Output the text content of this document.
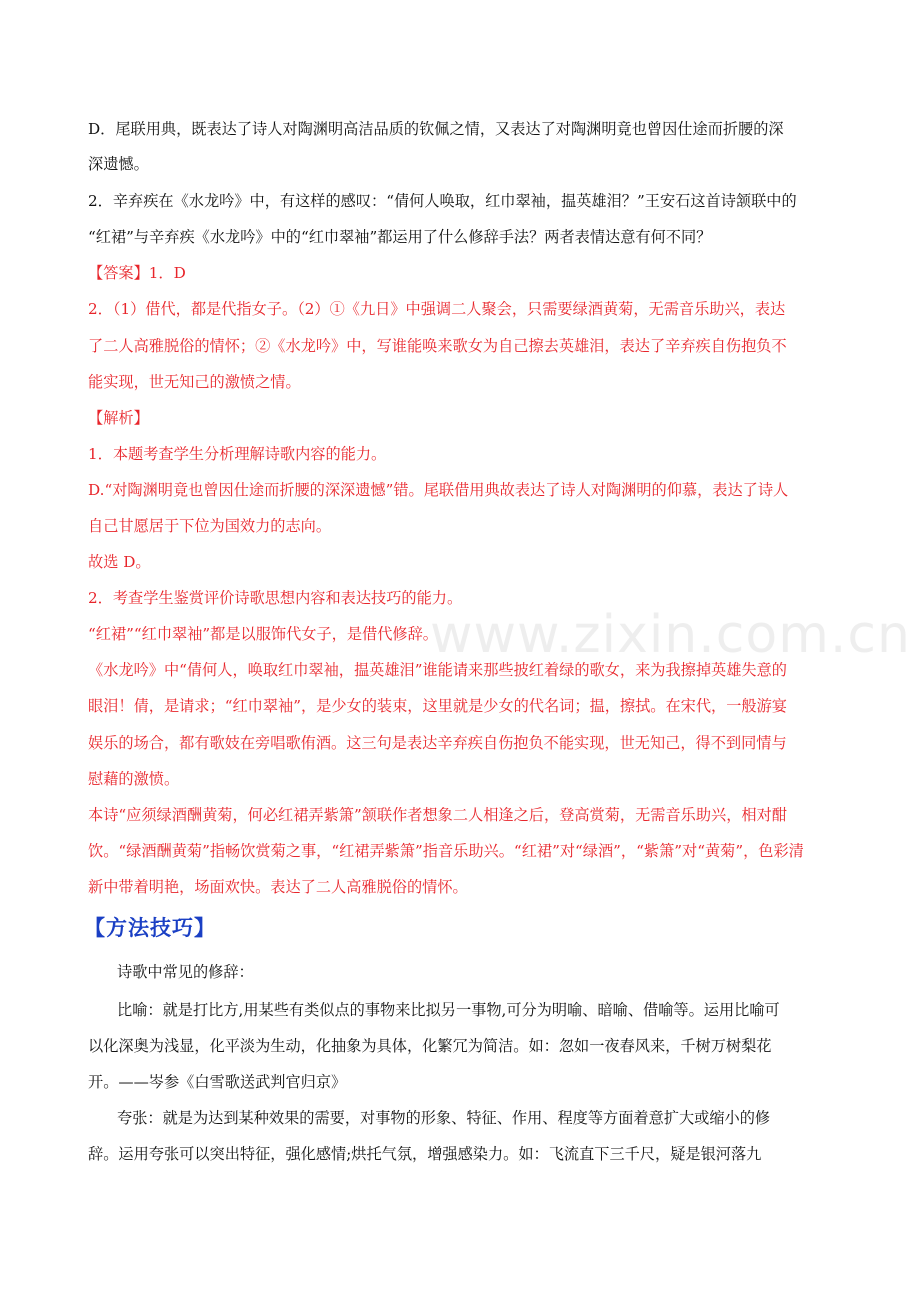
www.zixin.com.cn
D．尾联用典，既表达了诗人对陶渊明高洁品质的钦佩之情，又表达了对陶渊明竟也曾因仕途而折腰的深
深遗憾。
2．辛弃疾在《水龙吟》中，有这样的感叹：“倩何人唤取，红巾翠袖，揾英雄泪？”王安石这首诗颔联中的
“红裙”与辛弃疾《水龙吟》中的“红巾翠袖”都运用了什么修辞手法？两者表情达意有何不同？
【答案】1．D
2．（1）借代，都是代指女子。（2）①《九日》中强调二人聚会，只需要绿酒黄菊，无需音乐助兴，表达
了二人高雅脱俗的情怀；②《水龙吟》中，写谁能唤来歌女为自己擦去英雄泪，表达了辛弃疾自伤抱负不
能实现，世无知己的激愤之情。
【解析】
1．本题考查学生分析理解诗歌内容的能力。
D.“对陶渊明竟也曾因仕途而折腰的深深遗憾”错。尾联借用典故表达了诗人对陶渊明的仰慕，表达了诗人
自己甘愿居于下位为国效力的志向。
故选 D。
2．考查学生鉴赏评价诗歌思想内容和表达技巧的能力。
“红裙”“红巾翠袖”都是以服饰代女子，是借代修辞。
《水龙吟》中“倩何人，唤取红巾翠袖，揾英雄泪”谁能请来那些披红着绿的歌女，来为我擦掉英雄失意的
眼泪！倩，是请求；“红巾翠袖”，是少女的装束，这里就是少女的代名词；揾，擦拭。在宋代，一般游宴
娱乐的场合，都有歌妓在旁唱歌侑酒。这三句是表达辛弃疾自伤抱负不能实现，世无知己，得不到同情与
慰藉的激愤。
本诗“应须绿酒酬黄菊，何必红裙弄紫箫”颔联作者想象二人相逢之后，登高赏菊，无需音乐助兴，相对酣
饮。“绿酒酬黄菊”指畅饮赏菊之事，“红裙弄紫箫”指音乐助兴。“红裙”对“绿酒”，“紫箫”对“黄菊”，色彩清
新中带着明艳，场面欢快。表达了二人高雅脱俗的情怀。
【方法技巧】
诗歌中常见的修辞：
比喻：就是打比方,用某些有类似点的事物来比拟另一事物,可分为明喻、暗喻、借喻等。运用比喻可
以化深奥为浅显，化平淡为生动，化抽象为具体，化繁冗为简洁。如：忽如一夜春风来，千树万树梨花
开。——岑参《白雪歌送武判官归京》
夸张：就是为达到某种效果的需要，对事物的形象、特征、作用、程度等方面着意扩大或缩小的修
辞。运用夸张可以突出特征，强化感情;烘托气氛，增强感染力。如：飞流直下三千尺，疑是银河落九
